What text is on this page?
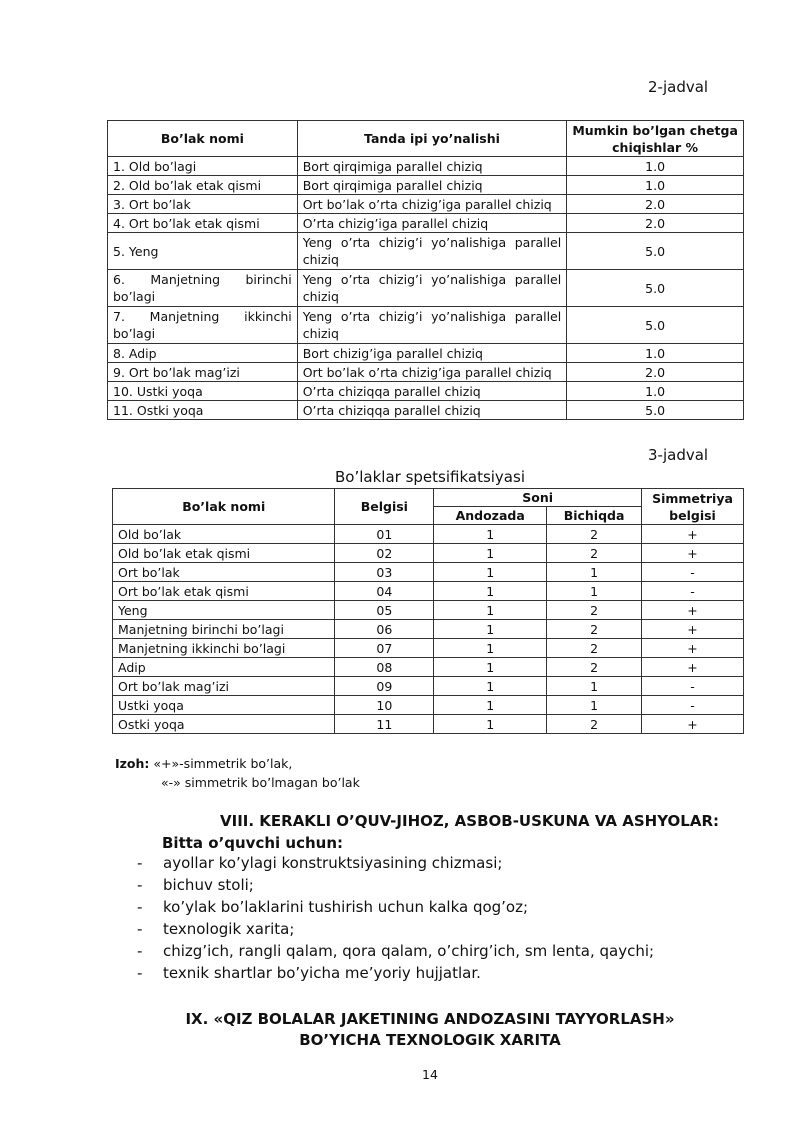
2-jadval
Bo’lak nomi	Tanda ipi yo’nalishi	Mumkin bo’lgan chetga chiqishlar %
1. Old bo’lagi	Bort qirqimiga parallel chiziq	1.0
2. Old bo’lak etak qismi	Bort qirqimiga parallel chiziq	1.0
3. Ort bo’lak	Ort bo’lak o’rta chizig’iga parallel chiziq	2.0
4. Ort bo’lak etak qismi	O’rta chizig’iga parallel chiziq	2.0
5. Yeng	Yeng o’rta chizig’i yo’nalishiga parallel chiziq	5.0
6. Manjetning birinchi bo’lagi	Yeng o’rta chizig’i yo’nalishiga parallel chiziq	5.0
7. Manjetning ikkinchi bo’lagi	Yeng o’rta chizig’i yo’nalishiga parallel chiziq	5.0
8. Adip	Bort chizig’iga parallel chiziq	1.0
9. Ort bo’lak mag’izi	Ort bo’lak o’rta chizig’iga parallel chiziq	2.0
10. Ustki yoqa	O’rta chiziqqa parallel chiziq	1.0
11. Ostki yoqa	O’rta chiziqqa parallel chiziq	5.0
3-jadval
Bo’laklar spetsifikatsiyasi
Bo’lak nomi	Belgisi	Soni		Simmetriya belgisi
		Andozada	Bichiqda	
Old bo’lak	01	1	2	+
Old bo’lak etak qismi	02	1	2	+
Ort bo’lak	03	1	1	-
Ort bo’lak etak qismi	04	1	1	-
Yeng	05	1	2	+
Manjetning birinchi bo’lagi	06	1	2	+
Manjetning ikkinchi bo’lagi	07	1	2	+
Adip	08	1	2	+
Ort bo’lak mag’izi	09	1	1	-
Ustki yoqa	10	1	1	-
Ostki yoqa	11	1	2	+
Izoh: «+»-simmetrik bo’lak,
«-» simmetrik bo’lmagan bo’lak
VIII. KERAKLI O’QUV-JIHOZ, ASBOB-USKUNA VA ASHYOLAR:
Bitta o’quvchi uchun:
- ayollar ko’ylagi konstruktsiyasining chizmasi;
- bichuv stoli;
- ko’ylak bo’laklarini tushirish uchun kalka qog’oz;
- texnologik xarita;
- chizg’ich, rangli qalam, qora qalam, o’chirg’ich, sm lenta, qaychi;
- texnik shartlar bo’yicha me’yoriy hujjatlar.
IX. «QIZ BOLALAR JAKETINING ANDOZASINI TAYYORLASH»
BO’YICHA TEXNOLOGIK XARITA
14
